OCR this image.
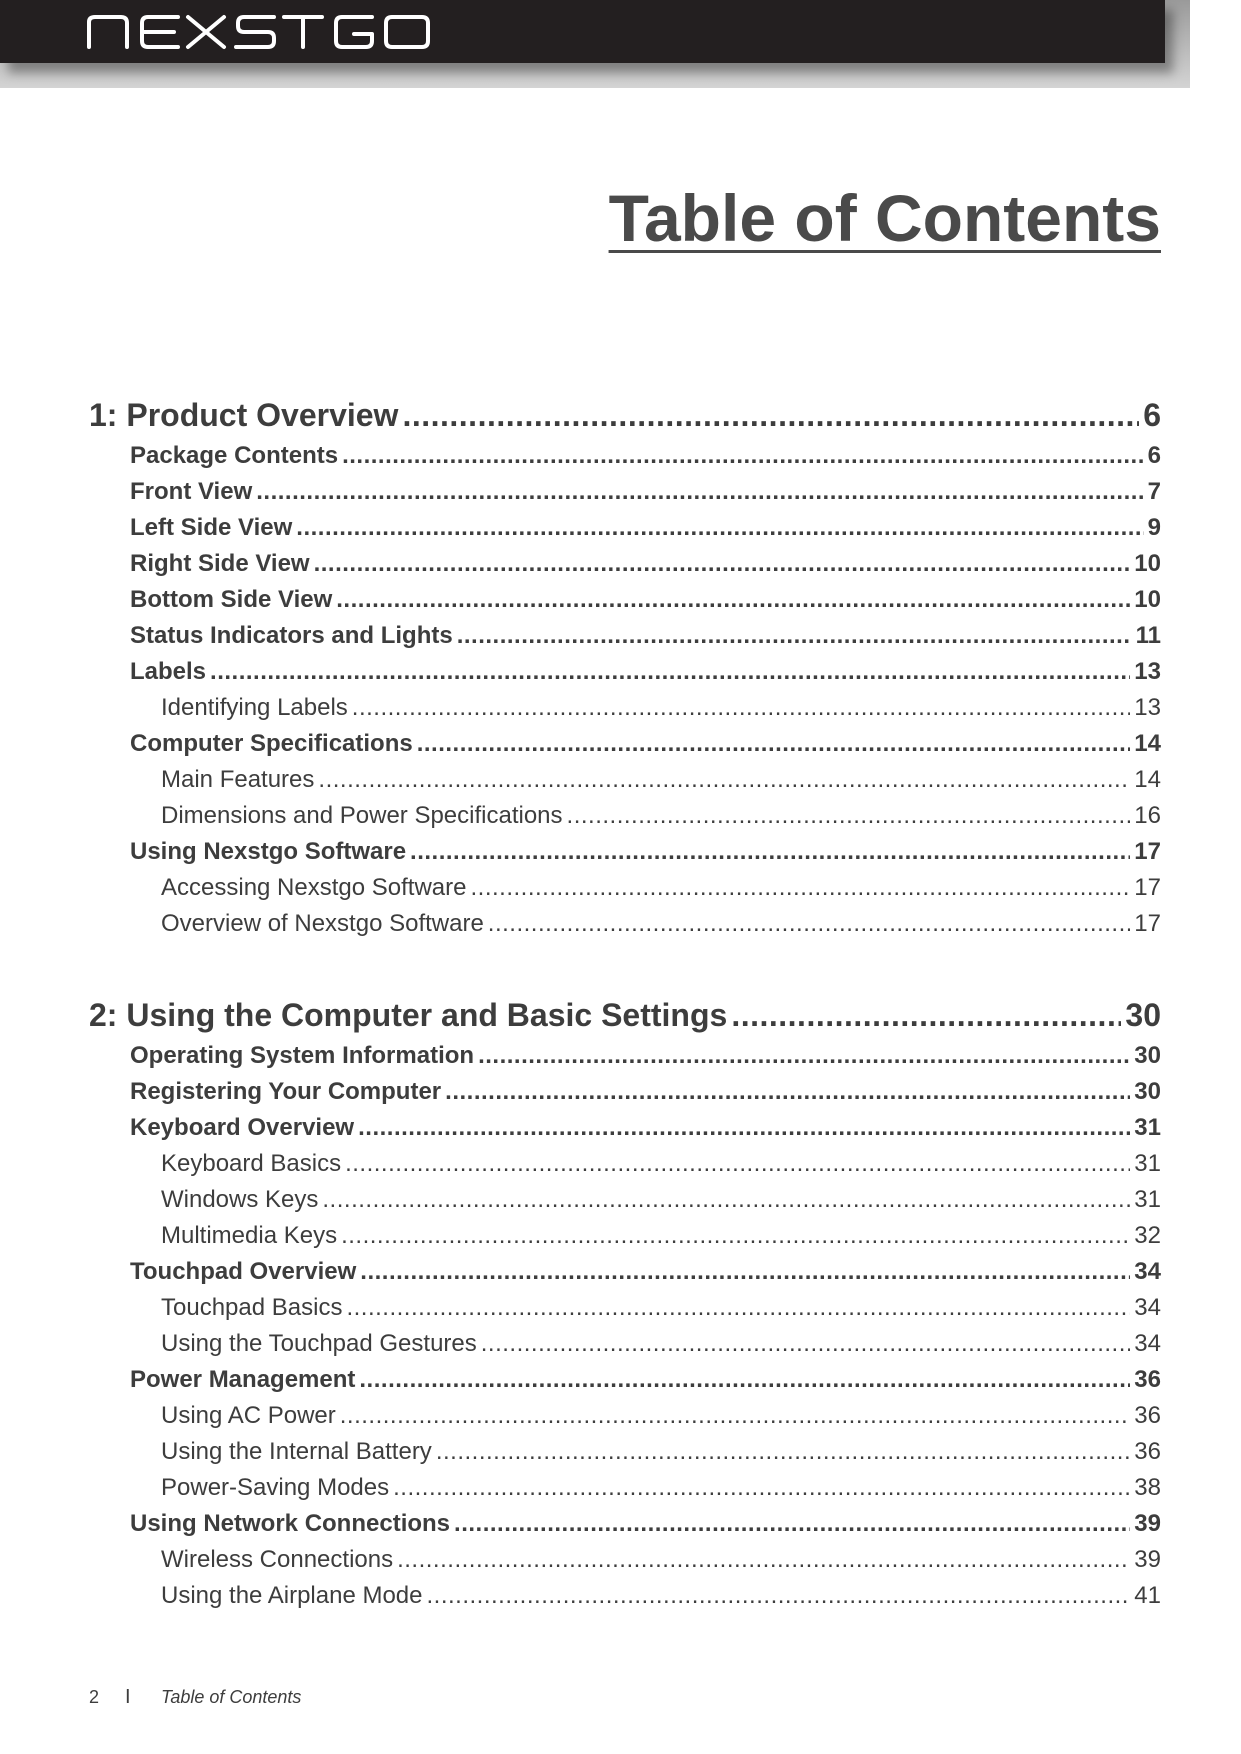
Table of Contents
1: Product Overview .....	6
Package Contents .....	6
Front View .....	7
Left Side View .....	9
Right Side View .....	10
Bottom Side View .....	10
Status Indicators and Lights .....	11
Labels .....	13
Identifying Labels .....	13
Computer Specifications .....	14
Main Features .....	14
Dimensions and Power Specifications .....	16
Using Nexstgo Software .....	17
Accessing Nexstgo Software .....	17
Overview of Nexstgo Software .....	17
2: Using the Computer and Basic Settings .....	30
Operating System Information .....	30
Registering Your Computer .....	30
Keyboard Overview .....	31
Keyboard Basics .....	31
Windows Keys .....	31
Multimedia Keys .....	32
Touchpad Overview .....	34
Touchpad Basics .....	34
Using the Touchpad Gestures .....	34
Power Management .....	36
Using AC Power .....	36
Using the Internal Battery .....	36
Power-Saving Modes .....	38
Using Network Connections .....	39
Wireless Connections .....	39
Using the Airplane Mode .....	41
2	I	Table of Contents
